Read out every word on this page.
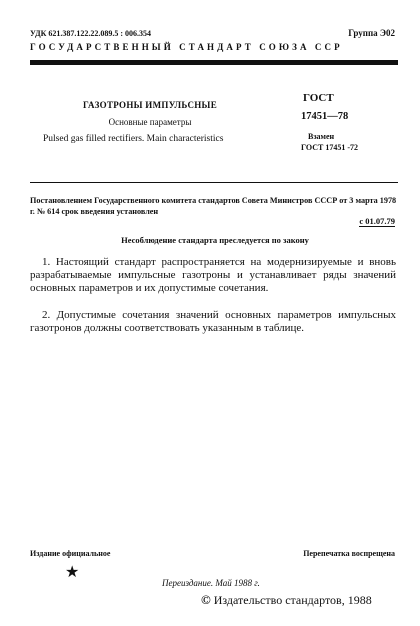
УДК 621.387.122.22.089.5 : 006.354	Группа Э02
ГОСУДАРСТВЕННЫЙ СТАНДАРТ СОЮЗА ССР
ГАЗОТРОНЫ ИМПУЛЬСНЫЕ
Основные параметры
Pulsed gas filled rectifiers. Main characteristics
ГОСТ
17451—78
Взамен
ГОСТ 17451 -72
Постановлением Государственного комитета стандартов Совета Министров СССР от 3 марта 1978 г. № 614 срок введения установлен
с 01.07.79
Несоблюдение стандарта преследуется по закону
1. Настоящий стандарт распространяется на модернизируемые и вновь разрабатываемые импульсные газотроны и устанавливает ряды значений основных параметров и их допустимые сочетания.
2. Допустимые сочетания значений основных параметров импульсных газотронов должны соответствовать указанным в таблице.
Издание официальное	Перепечатка воспрещена
★
Переиздание. Май 1988 г.
© Издательство стандартов, 1988
